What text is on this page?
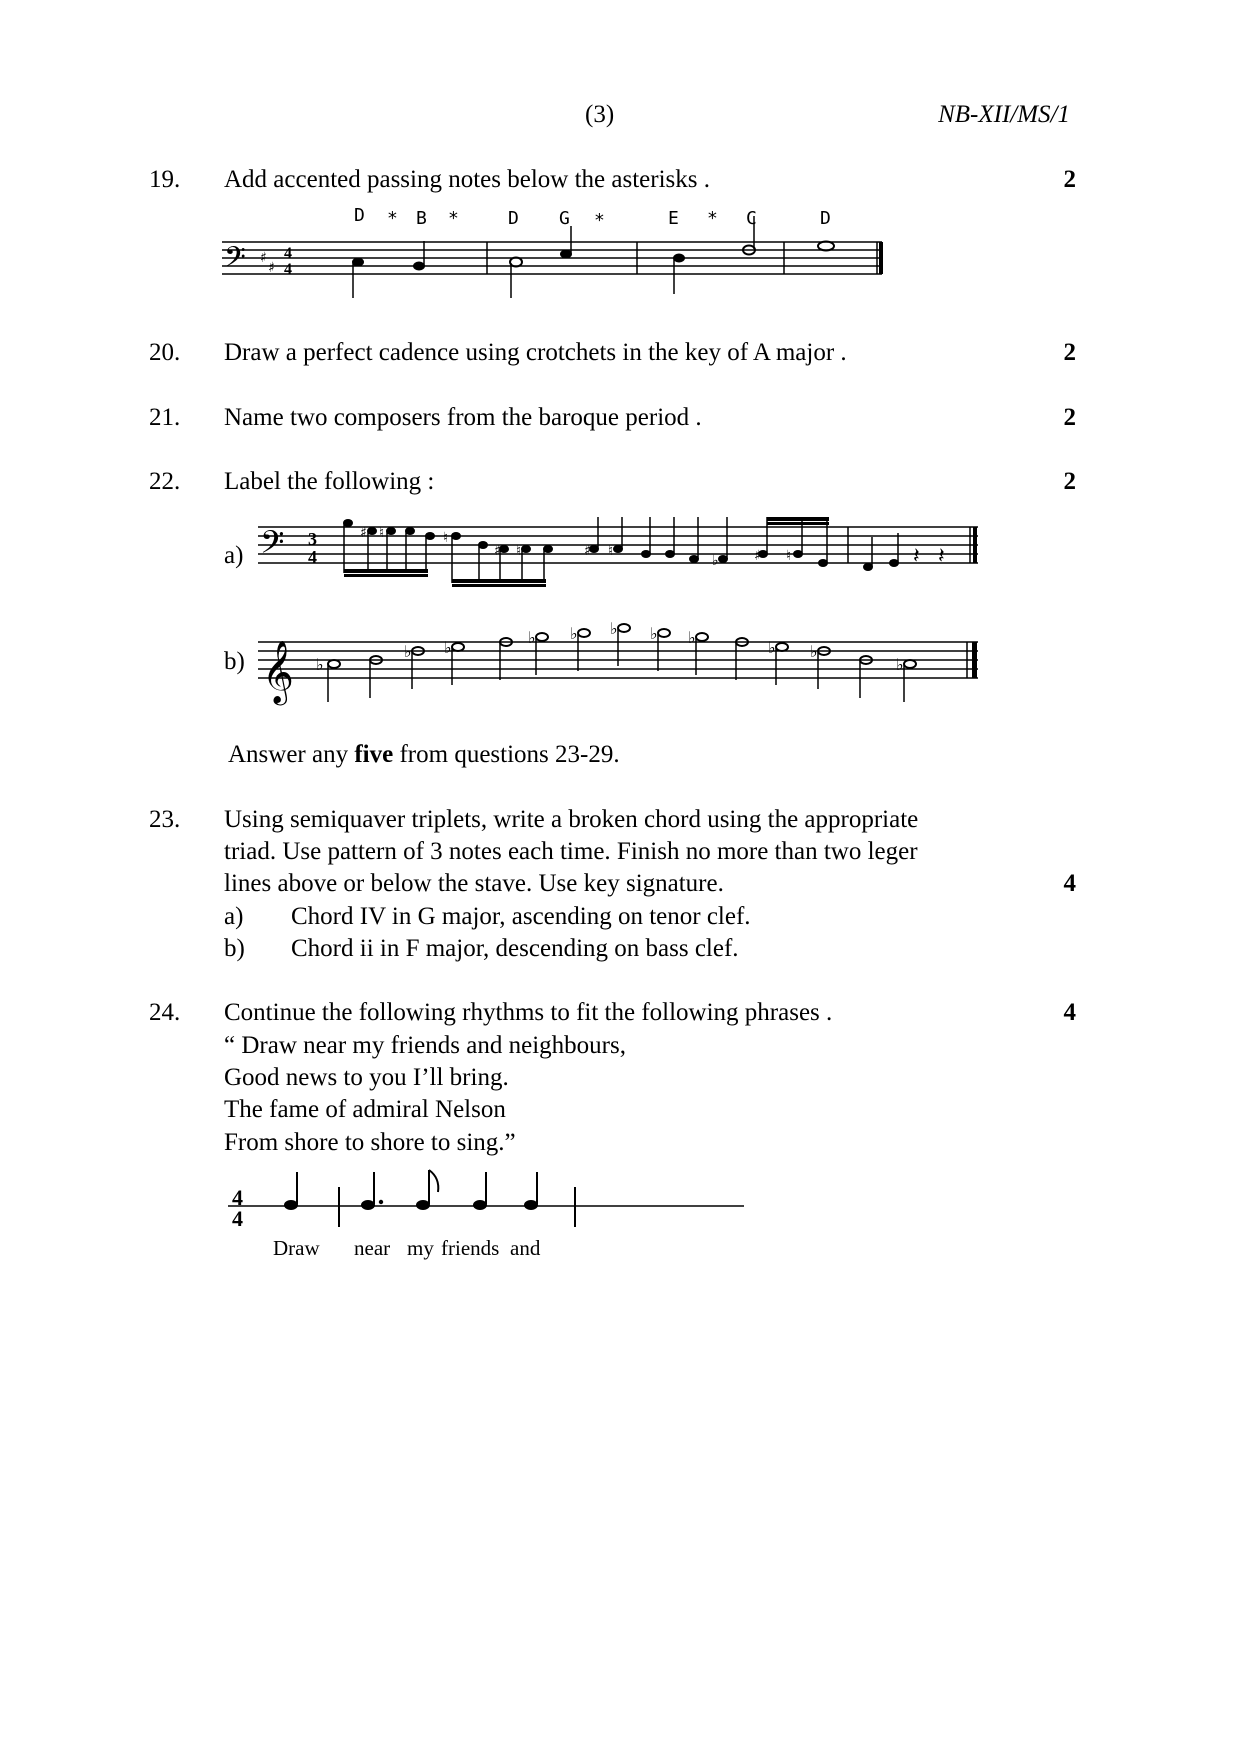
(3)	NB-XII/MS/1
19. Add accented passing notes below the asterisks .	2
D * B *	D G *	E * C	D
𝄢 ♯
♯
4
4
20. Draw a perfect cadence using crotchets in the key of A major .	2
21. Name two composers from the baroque period .	2
22. Label the following :	2
a) 𝄢 3
4
♯ ♮	♮
♯ ♮	♯ ♮
♭	♯ ♮	𝄽 𝄽
b) 𝄞 ♭
♭ ♭
♭ ♭ ♭ ♭ ♭
♭ ♭
♭
Answer any five from questions 23-29.
23. Using semiquaver triplets, write a broken chord using the appropriate
triad. Use pattern of 3 notes each time. Finish no more than two leger
lines above or below the stave. Use key signature.	4
a) Chord IV in G major, ascending on tenor clef.
b) Chord ii in F major, descending on bass clef.
24. Continue the following rhythms to fit the following phrases .	4
“ Draw near my friends and neighbours,
Good news to you I’ll bring.
The fame of admiral Nelson
From shore to shore to sing.”
4
4
Draw near my friends and
